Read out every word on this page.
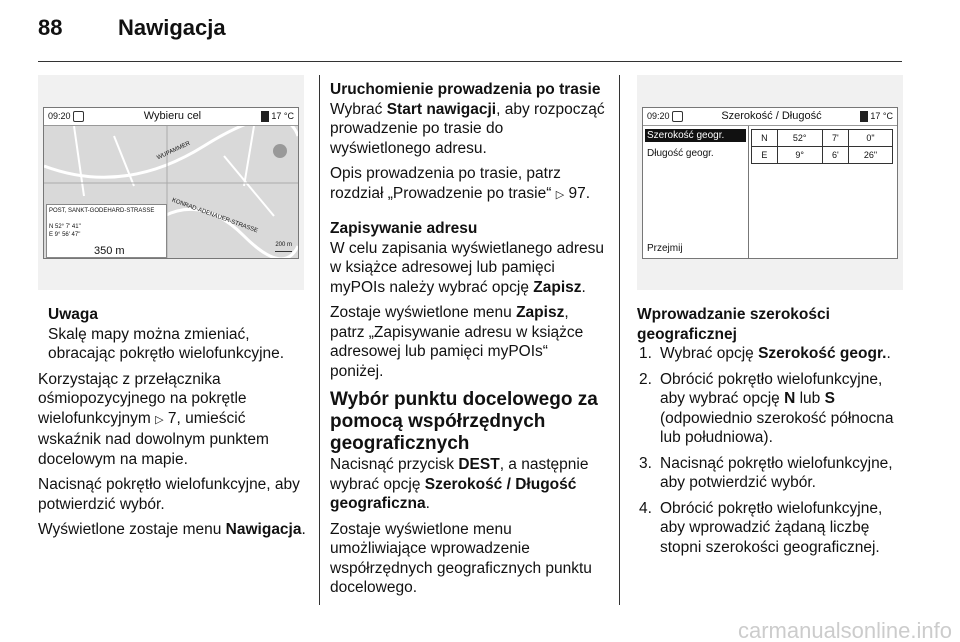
88	Nawigacja
09:20	Wybieru cel	17 °C
WUPAMMER
KONRAD-ADENAUER-STRASSE
POST, SANKT-GODEHARD-STRASSE

N 52° 7' 41"
E 9° 56' 47"
350 m	200 m
Uwaga
Skalę mapy można zmieniać, obracając pokrętło wielofunkcyjne.

Korzystając z przełącznika ośmiopozycyjnego na pokrętle wielofunkcyjnym ▷ 7, umieścić wskaźnik nad dowolnym punktem docelowym na mapie.

Nacisnąć pokrętło wielofunkcyjne, aby potwierdzić wybór.

Wyświetlone zostaje menu Nawigacja.

Uruchomienie prowadzenia po trasie

Wybrać Start nawigacji, aby rozpocząć prowadzenie po trasie do wyświetlonego adresu.

Opis prowadzenia po trasie, patrz rozdział „Prowadzenie po trasie“ ▷ 97.

Zapisywanie adresu

W celu zapisania wyświetlanego adresu w książce adresowej lub pamięci myPOIs należy wybrać opcję Zapisz.

Zostaje wyświetlone menu Zapisz, patrz „Zapisywanie adresu w książce adresowej lub pamięci myPOIs“ poniżej.

Wybór punktu docelowego za pomocą współrzędnych geograficznych

Nacisnąć przycisk DEST, a następnie wybrać opcję Szerokość / Długość geograficzna.

Zostaje wyświetlone menu umożliwiające wprowadzenie współrzędnych geograficznych punktu docelowego.

09:20	Szerokość / Długość	17 °C
Szerokość geogr.
Długość geogr.
Przejmij
N	52°	7'	0"
E	9°	6'	26"
Wprowadzanie szerokości geograficznej
1. Wybrać opcję Szerokość geogr..
2. Obrócić pokrętło wielofunkcyjne, aby wybrać opcję N lub S (odpowiednio szerokość północna lub południowa).
3. Nacisnąć pokrętło wielofunkcyjne, aby potwierdzić wybór.
4. Obrócić pokrętło wielofunkcyjne, aby wprowadzić żądaną liczbę stopni szerokości geograficznej.
carmanualsonline.info
